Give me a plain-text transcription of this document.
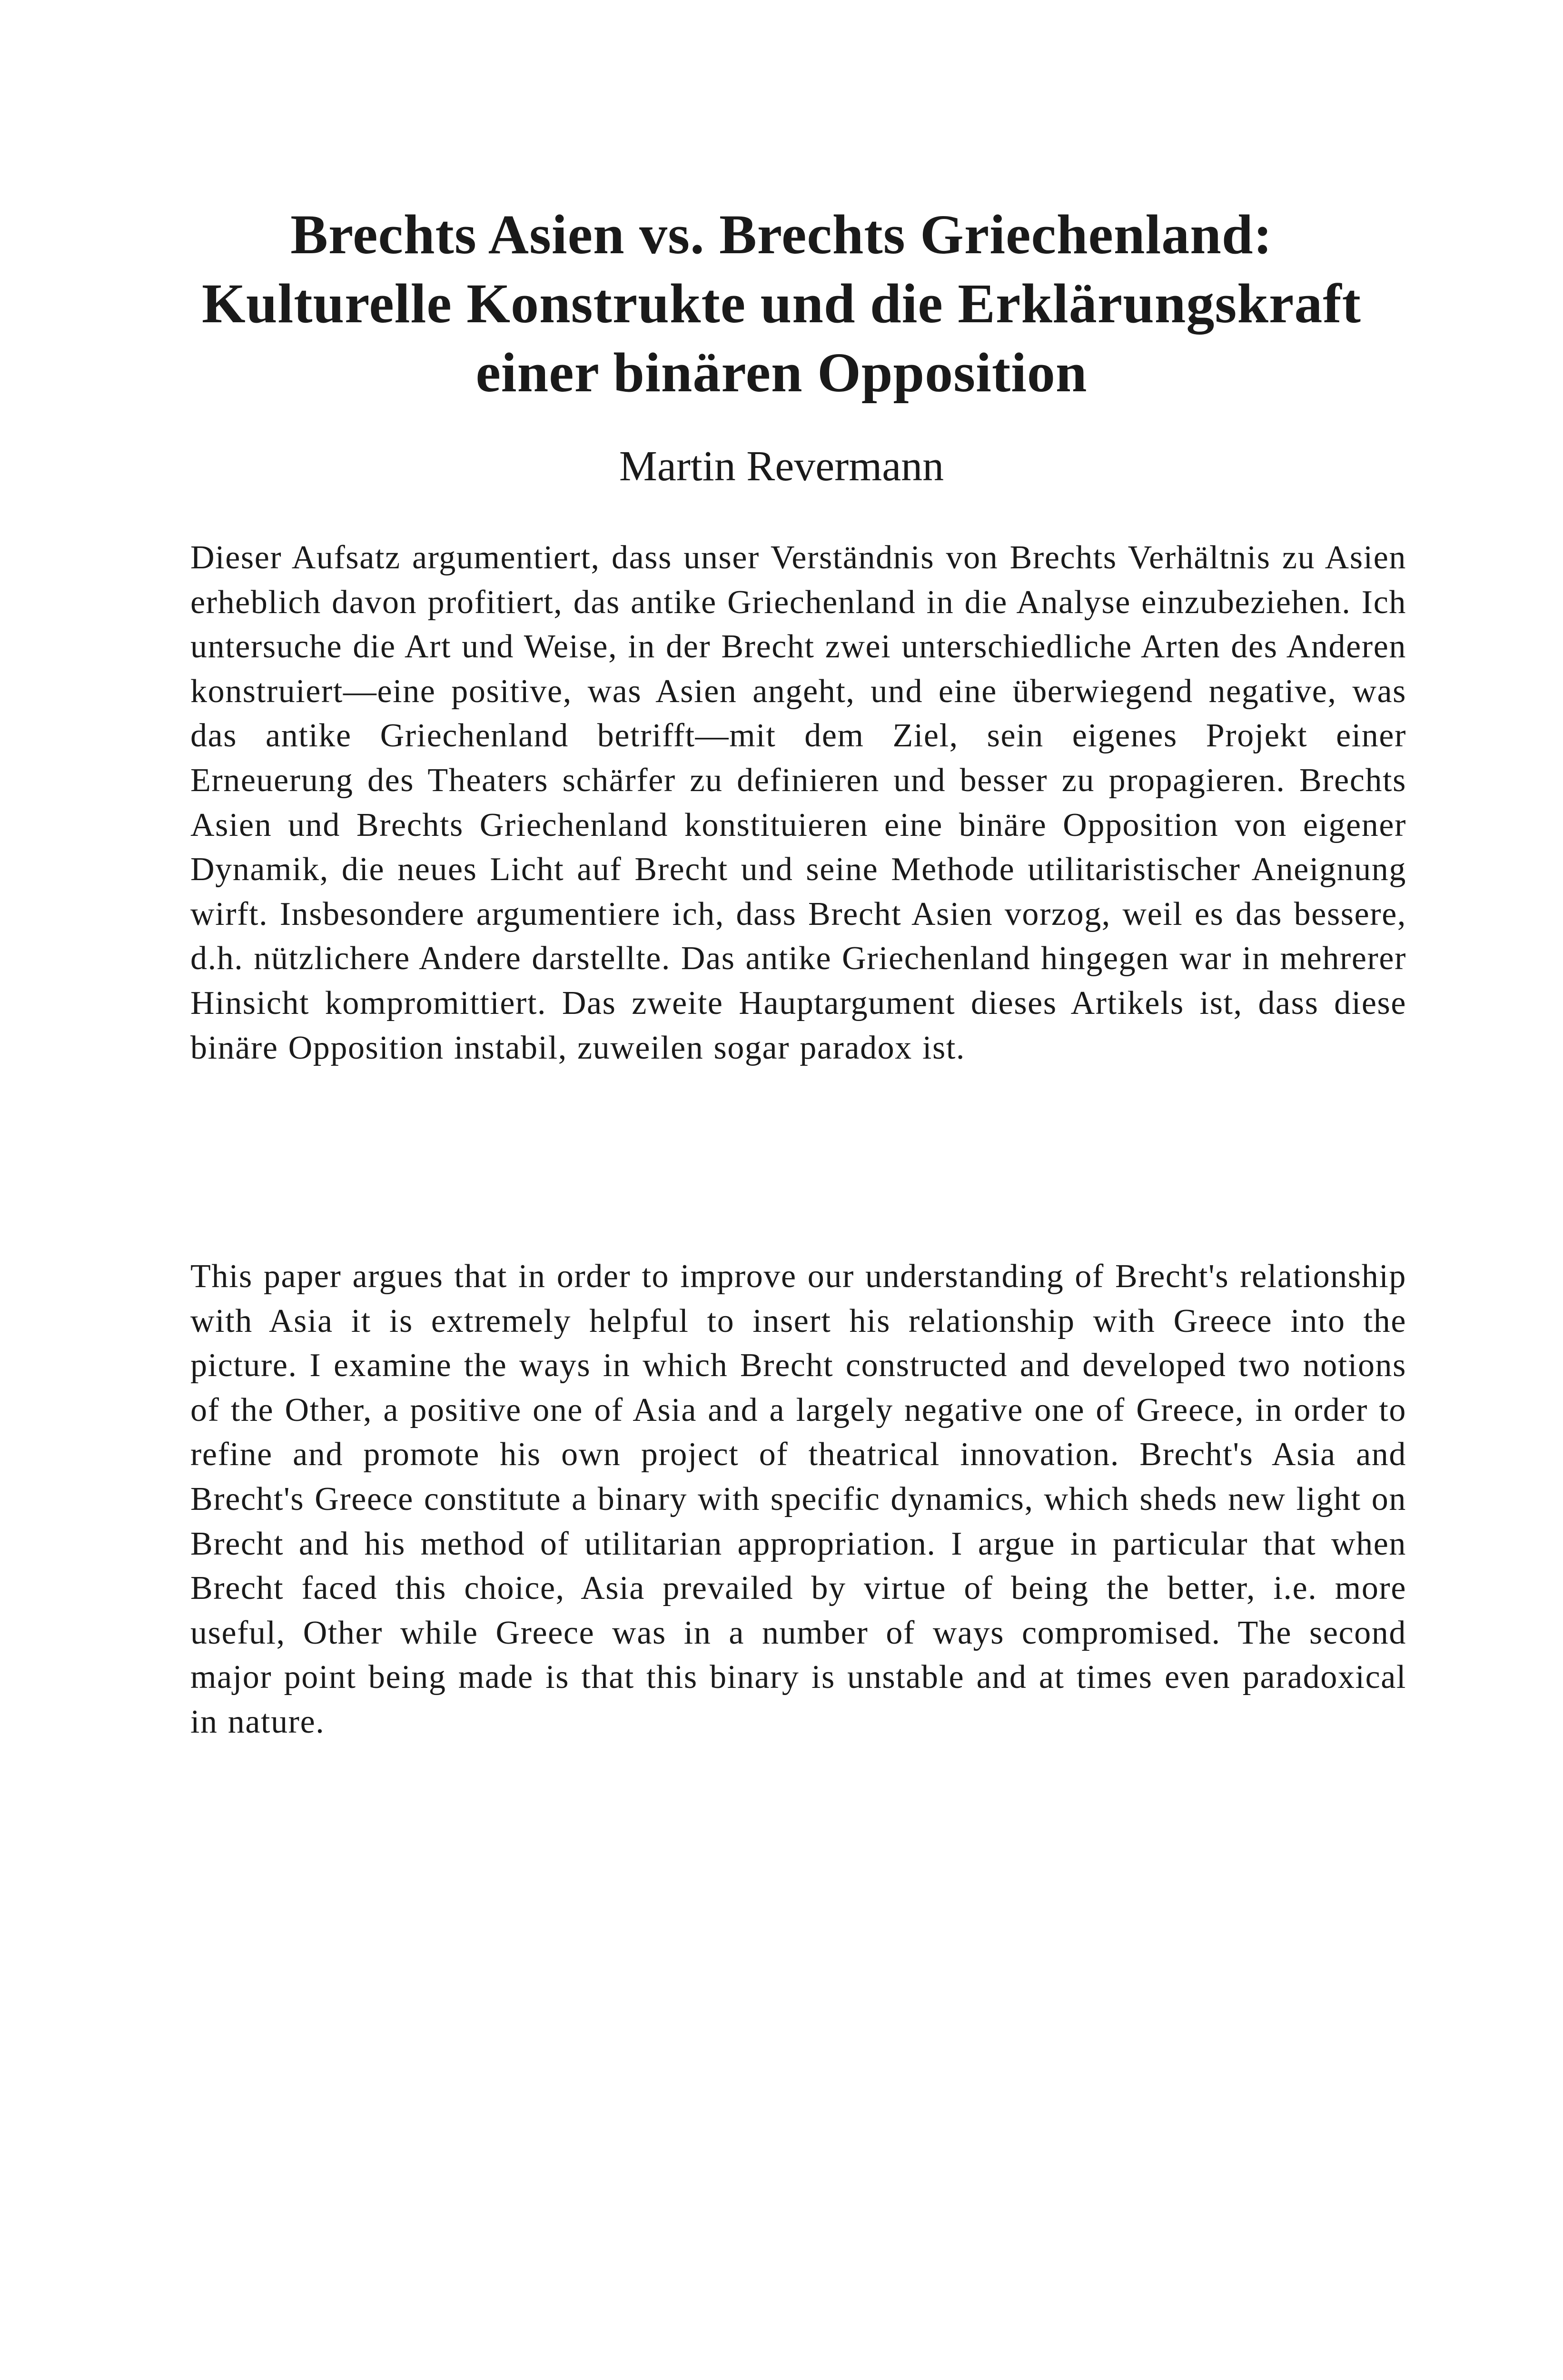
Brechts Asien vs. Brechts Griechenland:
Kulturelle Konstrukte und die Erklärungskraft
einer binären Opposition
Martin Revermann

Dieser Aufsatz argumentiert, dass unser Verständnis von Brechts Verhältnis zu Asien erheblich davon profitiert, das antike Griechenland in die Analyse einzubeziehen. Ich untersuche die Art und Weise, in der Brecht zwei unterschiedliche Arten des Anderen konstruiert—eine positive, was Asien angeht, und eine überwiegend negative, was das antike Griechenland betrifft—mit dem Ziel, sein eigenes Projekt einer Erneuerung des Theaters schärfer zu definieren und besser zu propagieren. Brechts Asien und Brechts Griechenland konstituieren eine binäre Opposition von eigener Dynamik, die neues Licht auf Brecht und seine Methode utilitaristischer Aneignung wirft. Insbesondere argumentiere ich, dass Brecht Asien vorzog, weil es das bessere, d.h. nützlichere Andere darstellte. Das antike Griechenland hingegen war in mehrerer Hinsicht kompromittiert. Das zweite Hauptargument dieses Artikels ist, dass diese binäre Opposition instabil, zuweilen sogar paradox ist.

This paper argues that in order to improve our understanding of Brecht's relationship with Asia it is extremely helpful to insert his relationship with Greece into the picture. I examine the ways in which Brecht constructed and developed two notions of the Other, a positive one of Asia and a largely negative one of Greece, in order to refine and promote his own project of theatrical innovation. Brecht's Asia and Brecht's Greece constitute a binary with specific dynamics, which sheds new light on Brecht and his method of utilitarian appropriation. I argue in particular that when Brecht faced this choice, Asia prevailed by virtue of being the better, i.e. more useful, Other while Greece was in a number of ways compromised. The second major point being made is that this binary is unstable and at times even paradoxical in nature.
